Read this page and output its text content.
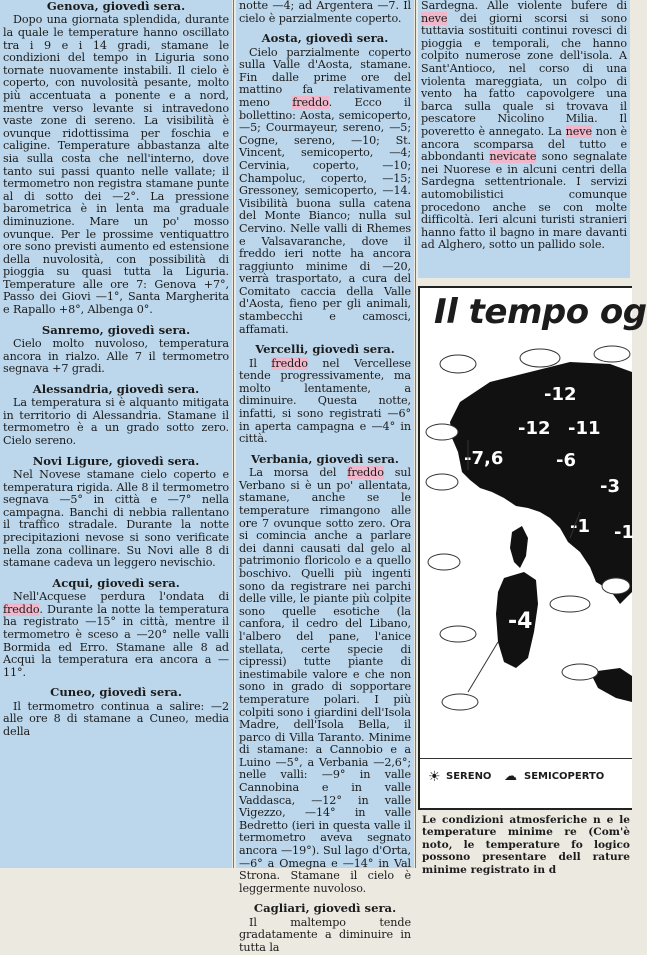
Genova, giovedì sera.

Dopo una giornata splendida, durante la quale le temperature hanno oscillato tra i 9 e i 14 gradi, stamane le condizioni del tempo in Liguria sono tornate nuovamente instabili. Il cielo è coperto, con nuvolosità pesante, molto più accentuata a ponente e a nord, mentre verso levante si intravedono vaste zone di sereno. La visibilità è ovunque ridottissima per foschia e caligine. Temperature abbastanza alte sia sulla costa che nell'interno, dove tanto sui passi quanto nelle vallate; il termometro non registra stamane punte al di sotto dei —2°. La pressione barometrica è in lenta ma graduale diminuzione. Mare un po' mosso ovunque. Per le prossime ventiquattro ore sono previsti aumento ed estensione della nuvolosità, con possibilità di pioggia su quasi tutta la Liguria. Temperature alle ore 7: Genova +7°, Passo dei Giovi —1°, Santa Margherita e Rapallo +8°, Albenga 0°.

Sanremo, giovedì sera.

Cielo molto nuvoloso, temperatura ancora in rialzo. Alle 7 il termometro segnava +7 gradi.

Alessandria, giovedì sera.

La temperatura si è alquanto mitigata in territorio di Alessandria. Stamane il termometro è a un grado sotto zero. Cielo sereno.

Novi Ligure, giovedì sera.

Nel Novese stamane cielo coperto e temperatura rigida. Alle 8 il termometro segnava —5° in città e —7° nella campagna. Banchi di nebbia rallentano il traffico stradale. Durante la notte precipitazioni nevose si sono verificate nella zona collinare. Su Novi alle 8 di stamane cadeva un leggero nevischio.

Acqui, giovedì sera.

Nell'Acquese perdura l'ondata di freddo. Durante la notte la temperatura ha registrato —15° in città, mentre il termometro è sceso a —20° nelle valli Bormida ed Erro. Stamane alle 8 ad Acqui la temperatura era ancora a —11°.

Cuneo, giovedì sera.

Il termometro continua a salire: —2 alle ore 8 di stamane a Cuneo, media della

notte —4; ad Argentera —7. Il cielo è parzialmente coperto.

Aosta, giovedì sera.

Cielo parzialmente coperto sulla Valle d'Aosta, stamane. Fin dalle prime ore del mattino fa relativamente meno freddo. Ecco il bollettino: Aosta, semicoperto, —5; Courmayeur, sereno, —5; Cogne, sereno, —10; St. Vincent, semicoperto, —4; Cervinia, coperto, —10; Champoluc, coperto, —15; Gressoney, semicoperto, —14. Visibilità buona sulla catena del Monte Bianco; nulla sul Cervino. Nelle valli di Rhemes e Valsavaranche, dove il freddo ieri notte ha ancora raggiunto minime di —20, verrà trasportato, a cura del Comitato caccia della Valle d'Aosta, fieno per gli animali, stambecchi e camosci, affamati.

Vercelli, giovedì sera.

Il freddo nel Vercellese tende progressivamente, ma molto lentamente, a diminuire. Questa notte, infatti, si sono registrati —6° in aperta campagna e —4° in città.

Verbania, giovedì sera.

La morsa del freddo sul Verbano si è un po' allentata, stamane, anche se le temperature rimangono alle ore 7 ovunque sotto zero. Ora si comincia anche a parlare dei danni causati dal gelo al patrimonio floricolo e a quello boschivo. Quelli più ingenti sono da registrare nei parchi delle ville, le piante più colpite sono quelle esotiche (la canfora, il cedro del Libano, l'albero del pane, l'anice stellata, certe specie di cipressi) tutte piante di inestimabile valore e che non sono in grado di sopportare temperature polari. I più colpiti sono i giardini dell'Isola Madre, dell'Isola Bella, il parco di Villa Taranto. Minime di stamane: a Cannobio e a Luino —5°, a Verbania —2,6°; nelle valli: —9° in valle Cannobina e in valle Vaddasca, —12° in valle Vigezzo, —14° in valle Bedretto (ieri in questa valle il termometro aveva segnato ancora —19°). Sul lago d'Orta, —6° a Omegna e —14° in Val Strona. Stamane il cielo è leggermente nuvoloso.

Cagliari, giovedì sera.

Il maltempo tende gradatamente a diminuire in tutta la

Sardegna. Alle violente bufere di neve dei giorni scorsi si sono tuttavia sostituiti continui rovesci di pioggia e temporali, che hanno colpito numerose zone dell'isola. A Sant'Antioco, nel corso di una violenta mareggiata, un colpo di vento ha fatto capovolgere una barca sulla quale si trovava il pescatore Nicolino Milia. Il poveretto è annegato. La neve non è ancora scomparsa del tutto e abbondanti nevicate sono segnalate nei Nuorese e in alcuni centri della Sardegna settentrionale. I servizi automobilistici comunque procedono anche se con molte difficoltà. Ieri alcuni turisti stranieri hanno fatto il bagno in mare davanti ad Alghero, sotto un pallido sole.

Il tempo og
-12
-11
-12
-7,6	-6
-3
-1 -1
-4
☀ SERENO ☁ SEMICOPERTO
Le condizioni atmosferiche n e le temperature minime re (Com'è noto, le temperature fo logico possono presentare dell rature minime registrato in d
